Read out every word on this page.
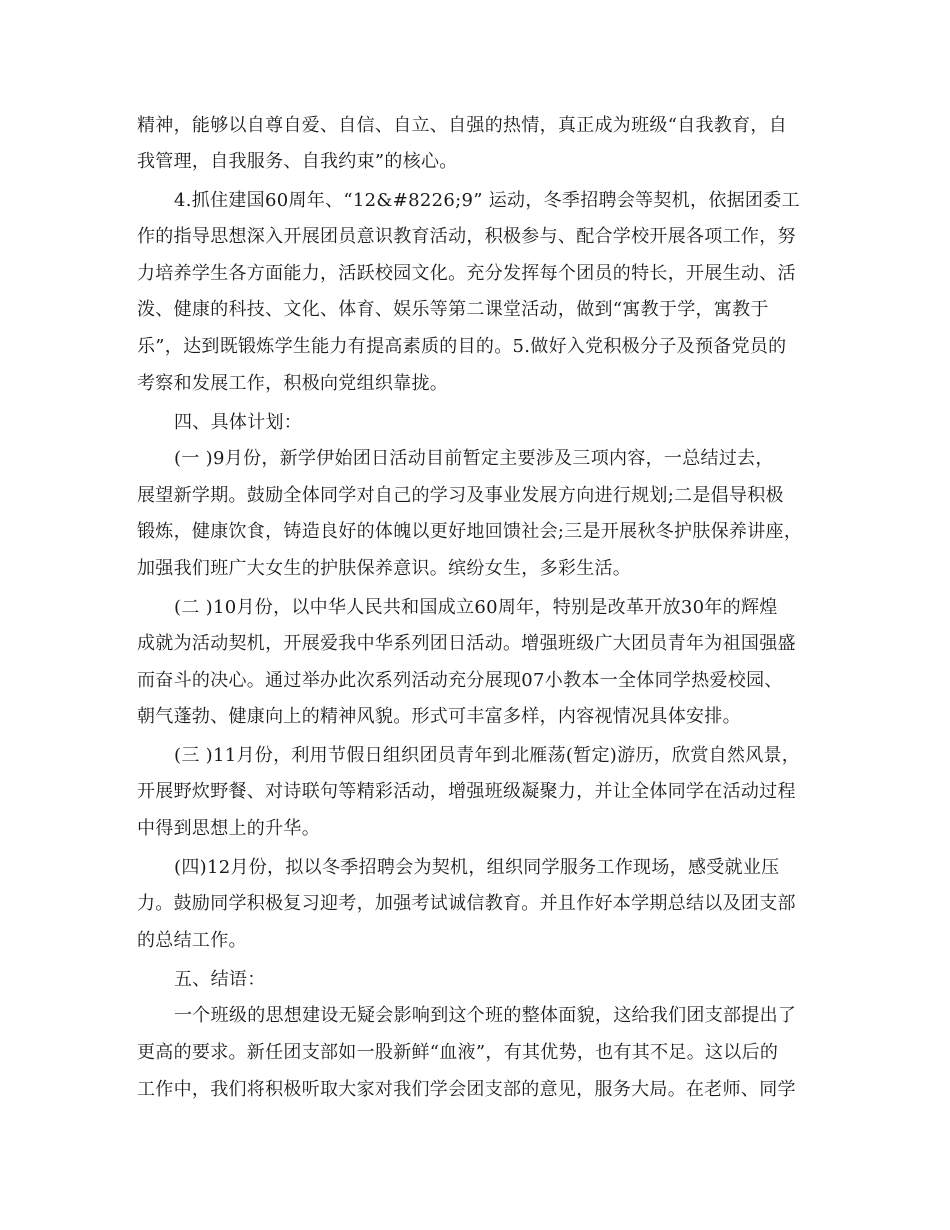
精神，能够以自尊自爱、自信、自立、自强的热情，真正成为班级“自我教育，自
我管理，自我服务、自我约束”的核心。
4.抓住建国60周年、“12&#8226;9” 运动，冬季招聘会等契机，依据团委工
作的指导思想深入开展团员意识教育活动，积极参与、配合学校开展各项工作，努
力培养学生各方面能力，活跃校园文化。充分发挥每个团员的特长，开展生动、活
泼、健康的科技、文化、体育、娱乐等第二课堂活动，做到“寓教于学，寓教于
乐”，达到既锻炼学生能力有提高素质的目的。5.做好入党积极分子及预备党员的
考察和发展工作，积极向党组织靠拢。
四、具体计划：
(一 )9月份，新学伊始团日活动目前暂定主要涉及三项内容，一总结过去，
展望新学期。鼓励全体同学对自己的学习及事业发展方向进行规划;二是倡导积极
锻炼，健康饮食，铸造良好的体魄以更好地回馈社会;三是开展秋冬护肤保养讲座，
加强我们班广大女生的护肤保养意识。缤纷女生，多彩生活。
(二 )10月份，以中华人民共和国成立60周年，特别是改革开放30年的辉煌
成就为活动契机，开展爱我中华系列团日活动。增强班级广大团员青年为祖国强盛
而奋斗的决心。通过举办此次系列活动充分展现07小教本一全体同学热爱校园、
朝气蓬勃、健康向上的精神风貌。形式可丰富多样，内容视情况具体安排。
(三 )11月份，利用节假日组织团员青年到北雁荡(暂定)游历，欣赏自然风景，
开展野炊野餐、对诗联句等精彩活动，增强班级凝聚力，并让全体同学在活动过程
中得到思想上的升华。
(四)12月份，拟以冬季招聘会为契机，组织同学服务工作现场，感受就业压
力。鼓励同学积极复习迎考，加强考试诚信教育。并且作好本学期总结以及团支部
的总结工作。
五、结语：
一个班级的思想建设无疑会影响到这个班的整体面貌，这给我们团支部提出了
更高的要求。新任团支部如一股新鲜“血液”，有其优势，也有其不足。这以后的
工作中，我们将积极听取大家对我们学会团支部的意见，服务大局。在老师、同学
